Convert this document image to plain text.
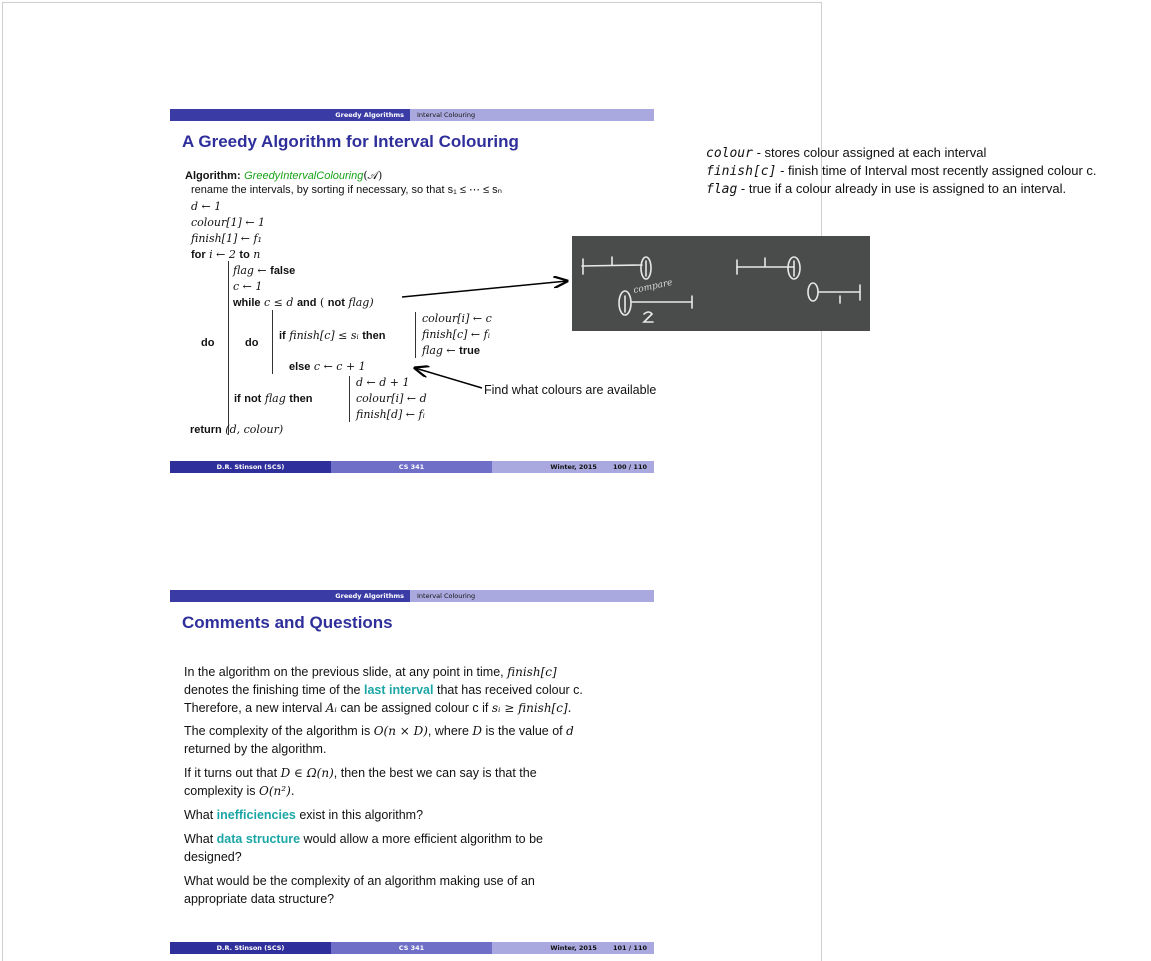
Greedy Algorithms	Interval Colouring
A Greedy Algorithm for Interval Colouring
Algorithm: GreedyIntervalColouring(𝒜)
rename the intervals, by sorting if necessary, so that s₁ ≤ ⋯ ≤ sₙ
d ← 1
colour[1] ← 1
finish[1] ← f₁
for i ← 2 to n
do
flag ← false
c ← 1
while c ≤ d and ( not flag)
do
if finish[c] ≤ sᵢ then
colour[i] ← c
finish[c] ← fᵢ
flag ← true
else c ← c + 1
if not flag then
d ← d + 1
colour[i] ← d
finish[d] ← fᵢ
return (d, colour)
D.R. Stinson (SCS)	CS 341	Winter, 2015 100 / 110
Greedy Algorithms	Interval Colouring
Comments and Questions
In the algorithm on the previous slide, at any point in time, finish[c]
denotes the finishing time of the last interval that has received colour c.
Therefore, a new interval Aᵢ can be assigned colour c if sᵢ ≥ finish[c].
The complexity of the algorithm is O(n × D), where D is the value of d
returned by the algorithm.
If it turns out that D ∈ Ω(n), then the best we can say is that the
complexity is O(n²).
What inefficiencies exist in this algorithm?
What data structure would allow a more efficient algorithm to be
designed?
What would be the complexity of an algorithm making use of an
appropriate data structure?
D.R. Stinson (SCS)	CS 341	Winter, 2015 101 / 110
colour - stores colour assigned at each interval
finish[c] - finish time of Interval most recently assigned colour c.
flag - true if a colour already in use is assigned to an interval.
compare
Find what colours are available
